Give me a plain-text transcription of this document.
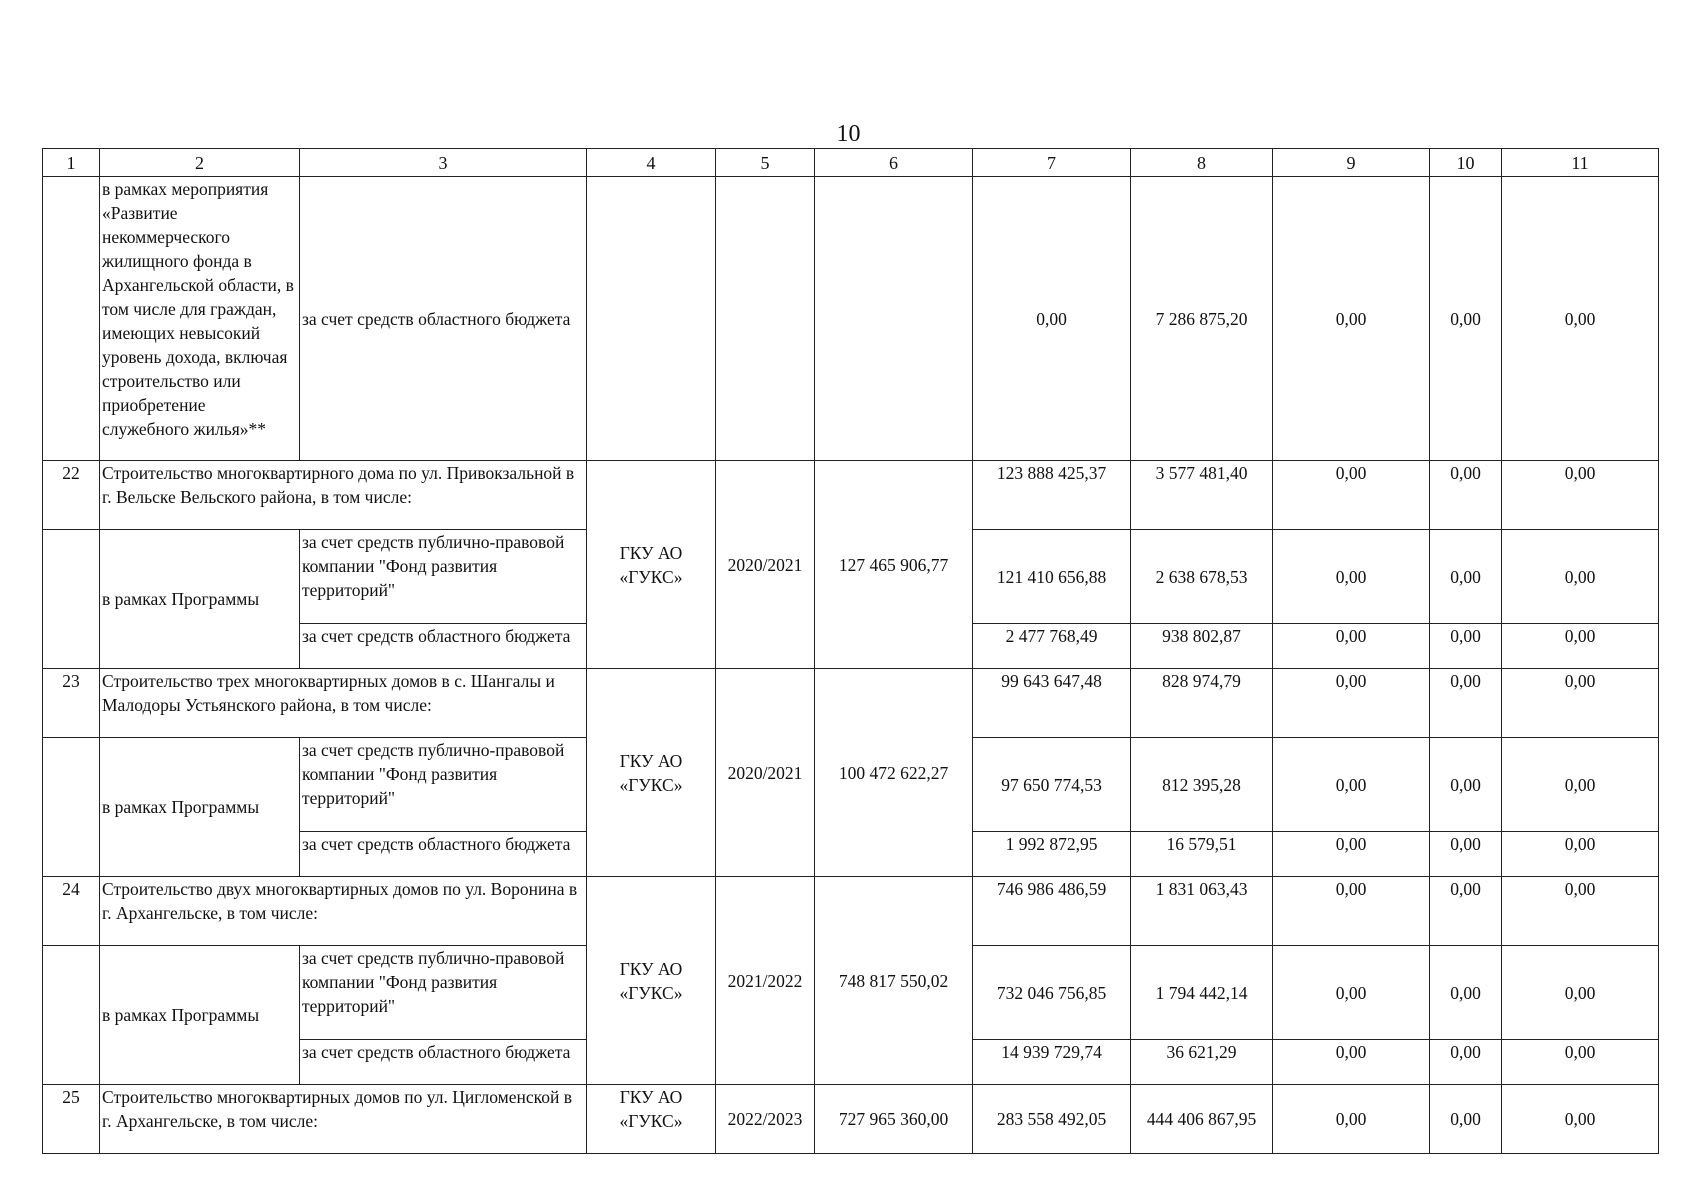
10
1	2	3	4	5	6	7	8	9	10	11
	в рамках мероприятия «Развитие некоммерческого жилищного фонда в Архангельской области, в том числе для граждан, имеющих невысокий уровень дохода, включая строительство или приобретение служебного жилья»**	за счет средств областного бюджета				0,00	7 286 875,20	0,00	0,00	0,00
22	Строительство многоквартирного дома по ул. Привокзальной в г. Вельске Вельского района, в том числе:		ГКУ АО «ГУКС»	2020/2021	127 465 906,77	123 888 425,37	3 577 481,40	0,00	0,00	0,00
	в рамках Программы	за счет средств публично-правовой компании "Фонд развития территорий"				121 410 656,88	2 638 678,53	0,00	0,00	0,00
		за счет средств областного бюджета				2 477 768,49	938 802,87	0,00	0,00	0,00
23	Строительство трех многоквартирных домов в с. Шангалы и Малодоры Устьянского района, в том числе:		ГКУ АО «ГУКС»	2020/2021	100 472 622,27	99 643 647,48	828 974,79	0,00	0,00	0,00
	в рамках Программы	за счет средств публично-правовой компании "Фонд развития территорий"				97 650 774,53	812 395,28	0,00	0,00	0,00
		за счет средств областного бюджета				1 992 872,95	16 579,51	0,00	0,00	0,00
24	Строительство двух многоквартирных домов по ул. Воронина в г. Архангельске, в том числе:		ГКУ АО «ГУКС»	2021/2022	748 817 550,02	746 986 486,59	1 831 063,43	0,00	0,00	0,00
	в рамках Программы	за счет средств публично-правовой компании "Фонд развития территорий"				732 046 756,85	1 794 442,14	0,00	0,00	0,00
		за счет средств областного бюджета				14 939 729,74	36 621,29	0,00	0,00	0,00
25	Строительство многоквартирных домов по ул. Цигломенской в г. Архангельске, в том числе:		ГКУ АО «ГУКС»	2022/2023	727 965 360,00	283 558 492,05	444 406 867,95	0,00	0,00	0,00
